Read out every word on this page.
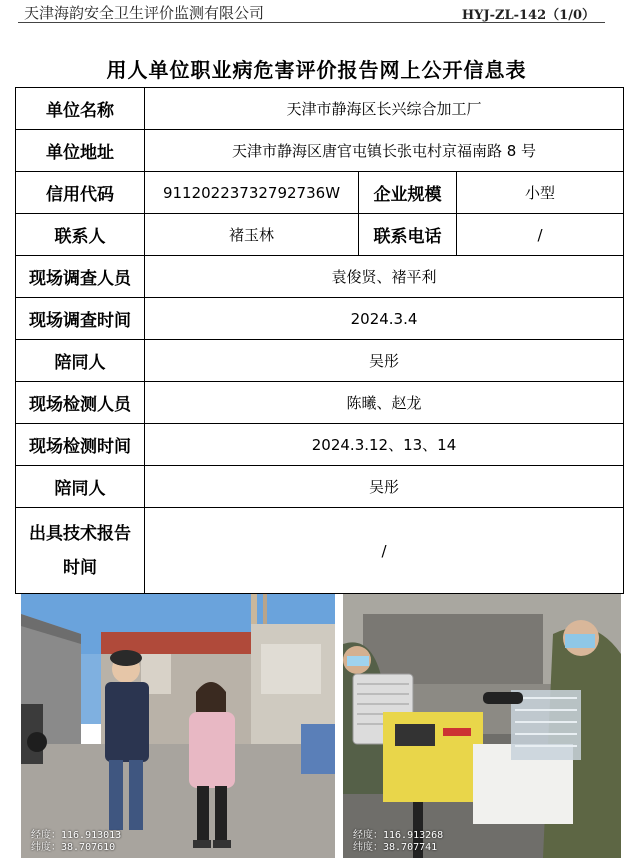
天津海韵安全卫生评价监测有限公司	HYJ-ZL-142（1/0）
用人单位职业病危害评价报告网上公开信息表
单位名称	天津市静海区长兴综合加工厂		
单位地址	天津市静海区唐官屯镇长张屯村京福南路 8 号		
信用代码	91120223732792736W	企业规模	小型
联系人	褚玉林	联系电话	/
现场调查人员	袁俊贤、褚平利		
现场调查时间	2024.3.4		
陪同人	吴彤		
现场检测人员	陈曦、赵龙		
现场检测时间	2024.3.12、13、14		
陪同人	吴彤		

出具技术报告
时间	/		
经度：116.913013
纬度：38.707610
经度：116.913268
纬度：38.707741
